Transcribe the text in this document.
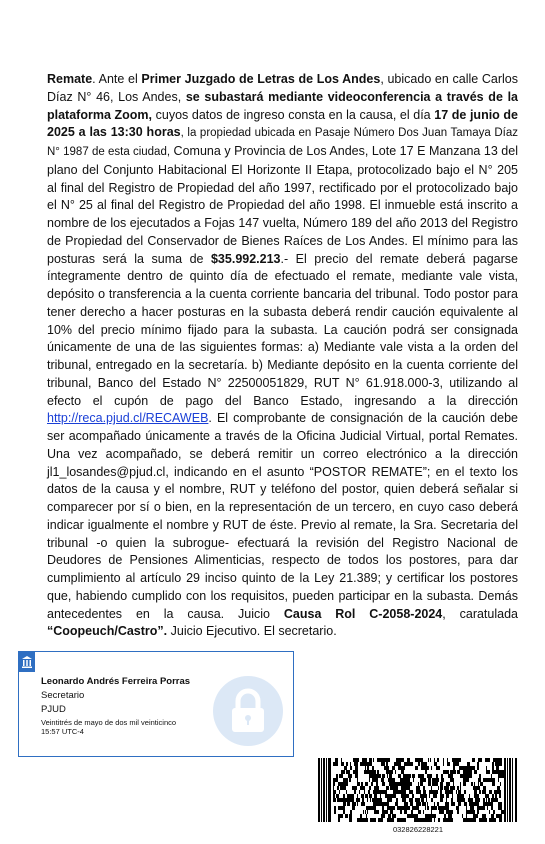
Remate. Ante el Primer Juzgado de Letras de Los Andes, ubicado en calle Carlos Díaz N° 46, Los Andes, se subastará mediante videoconferencia a través de la plataforma Zoom, cuyos datos de ingreso consta en la causa, el día 17 de junio de 2025 a las 13:30 horas, la propiedad ubicada en Pasaje Número Dos Juan Tamaya Díaz N° 1987 de esta ciudad, Comuna y Provincia de Los Andes, Lote 17 E Manzana 13 del plano del Conjunto Habitacional El Horizonte II Etapa, protocolizado bajo el N° 205 al final del Registro de Propiedad del año 1997, rectificado por el protocolizado bajo el N° 25 al final del Registro de Propiedad del año 1998. El inmueble está inscrito a nombre de los ejecutados a Fojas 147 vuelta, Número 189 del año 2013 del Registro de Propiedad del Conservador de Bienes Raíces de Los Andes. El mínimo para las posturas será la suma de $35.992.213.- El precio del remate deberá pagarse íntegramente dentro de quinto día de efectuado el remate, mediante vale vista, depósito o transferencia a la cuenta corriente bancaria del tribunal. Todo postor para tener derecho a hacer posturas en la subasta deberá rendir caución equivalente al 10% del precio mínimo fijado para la subasta. La caución podrá ser consignada únicamente de una de las siguientes formas: a) Mediante vale vista a la orden del tribunal, entregado en la secretaría. b) Mediante depósito en la cuenta corriente del tribunal, Banco del Estado N° 22500051829, RUT N° 61.918.000-3, utilizando al efecto el cupón de pago del Banco Estado, ingresando a la dirección http://reca.pjud.cl/RECAWEB. El comprobante de consignación de la caución debe ser acompañado únicamente a través de la Oficina Judicial Virtual, portal Remates. Una vez acompañado, se deberá remitir un correo electrónico a la dirección jl1_losandes@pjud.cl, indicando en el asunto “POSTOR REMATE”; en el texto los datos de la causa y el nombre, RUT y teléfono del postor, quien deberá señalar si comparecer por sí o bien, en la representación de un tercero, en cuyo caso deberá indicar igualmente el nombre y RUT de éste. Previo al remate, la Sra. Secretaria del tribunal -o quien la subrogue- efectuará la revisión del Registro Nacional de Deudores de Pensiones Alimenticias, respecto de todos los postores, para dar cumplimiento al artículo 29 inciso quinto de la Ley 21.389; y certificar los postores que, habiendo cumplido con los requisitos, pueden participar en la subasta. Demás antecedentes en la causa. Juicio Causa Rol C-2058-2024, caratulada “Coopeuch/Castro”. Juicio Ejecutivo. El secretario.

Leonardo Andrés Ferreira Porras
Secretario
PJUD
Veintitrés de mayo de dos mil veinticinco
15:57 UTC-4
032826228221
